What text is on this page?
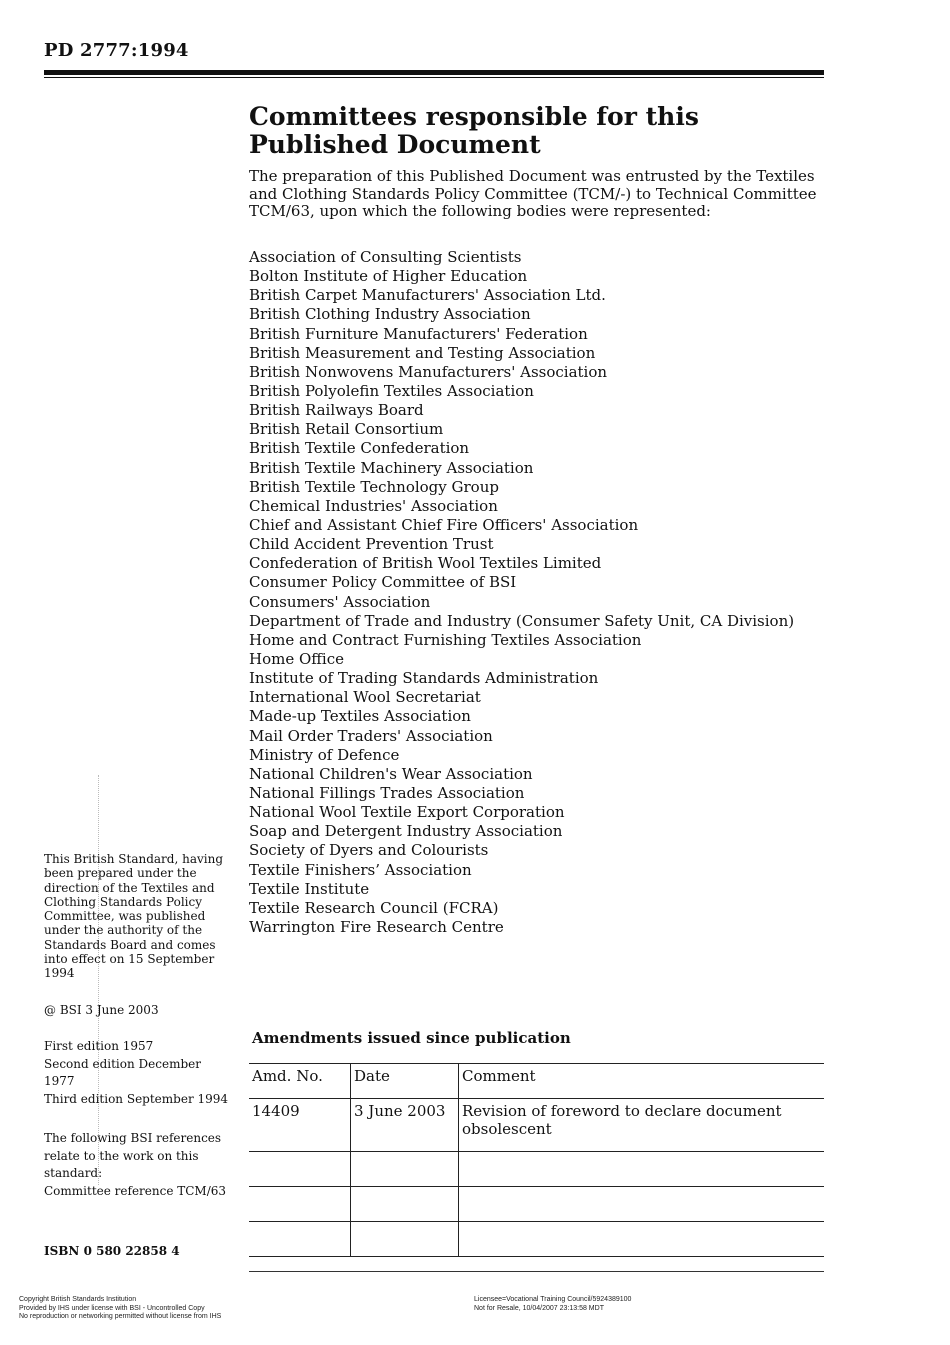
PD 2777:1994
Committees responsible for this Published Document

The preparation of this Published Document was entrusted by the Textiles and Clothing Standards Policy Committee (TCM/-) to Technical Committee TCM/63, upon which the following bodies were represented:

Association of Consulting Scientists
Bolton Institute of Higher Education
British Carpet Manufacturers' Association Ltd.
British Clothing Industry Association
British Furniture Manufacturers' Federation
British Measurement and Testing Association
British Nonwovens Manufacturers' Association
British Polyolefin Textiles Association
British Railways Board
British Retail Consortium
British Textile Confederation
British Textile Machinery Association
British Textile Technology Group
Chemical Industries' Association
Chief and Assistant Chief Fire Officers' Association
Child Accident Prevention Trust
Confederation of British Wool Textiles Limited
Consumer Policy Committee of BSI
Consumers' Association
Department of Trade and Industry (Consumer Safety Unit, CA Division)
Home and Contract Furnishing Textiles Association
Home Office
Institute of Trading Standards Administration
International Wool Secretariat
Made-up Textiles Association
Mail Order Traders' Association
Ministry of Defence
National Children's Wear Association
National Fillings Trades Association
National Wool Textile Export Corporation
Soap and Detergent Industry Association
Society of Dyers and Colourists
Textile Finishers’ Association
Textile Institute
Textile Research Council (FCRA)
Warrington Fire Research Centre

This British Standard, having been prepared under the direction of the Textiles and Clothing Standards Policy Committee, was published under the authority of the Standards Board and comes into effect on 15 September 1994

@ BSI 3 June 2003

First edition 1957
Second edition December 1977
Third edition September 1994
The following BSI references relate to the work on this standard:
Committee reference TCM/63
ISBN 0 580 22858 4
Amendments issued since publication
Amd. No.	Date	Comment
14409	3 June 2003	Revision of foreword to declare document obsolescent

Copyright British Standards Institution
Provided by IHS under license with BSI - Uncontrolled Copy
No reproduction or networking permitted without license from IHS
Licensee=Vocational Training Council/5924389100
Not for Resale, 10/04/2007 23:13:58 MDT
